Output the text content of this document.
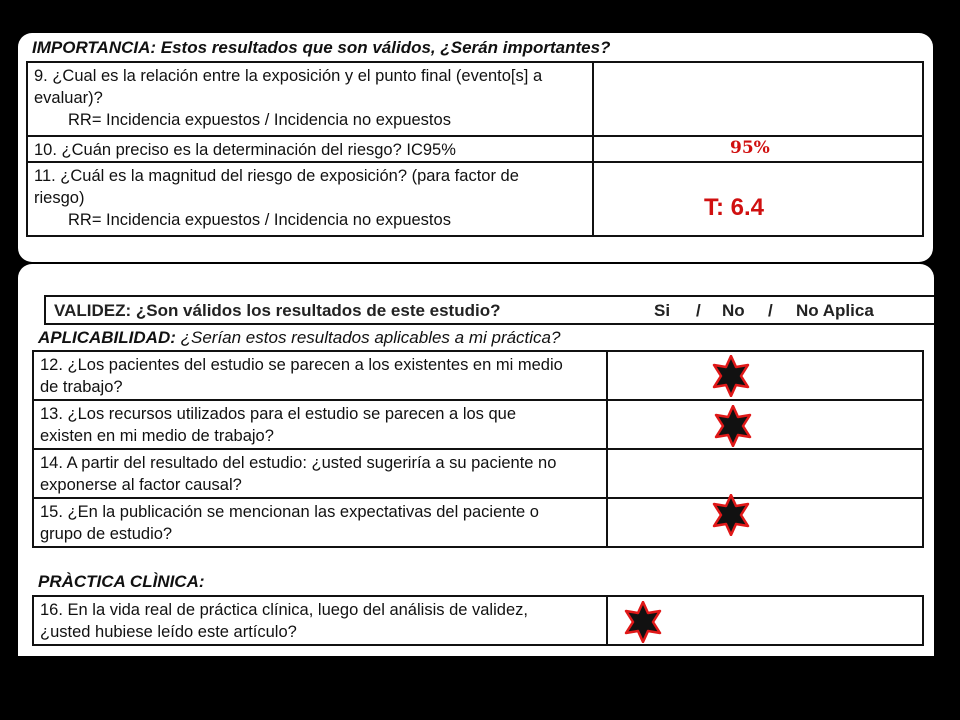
IMPORTANCIA: Estos resultados que son válidos, ¿Serán importantes?
9. ¿Cual es la relación entre la exposición y el punto final (evento[s] a
evaluar)?
RR= Incidencia expuestos / Incidencia no expuestos	

10. ¿Cuán preciso es la determinación del riesgo? IC95%	95%

11. ¿Cuál es la magnitud del riesgo de exposición? (para factor de
riesgo)
RR= Incidencia expuestos / Incidencia no expuestos	T: 6.4
VALIDEZ: ¿Son válidos los resultados de este estudio?	Si / No / No Aplica
APLICABILIDAD: ¿Serían estos resultados aplicables a mi práctica?
12. ¿Los pacientes del estudio se parecen a los existentes en mi medio
de trabajo?	
13. ¿Los recursos utilizados para el estudio se parecen a los que
existen en mi medio de trabajo?	
14. A partir del resultado del estudio: ¿usted sugeriría a su paciente no
exponerse al factor causal?	
15. ¿En la publicación se mencionan las expectativas del paciente o
grupo de estudio?	
PRÀCTICA CLÌNICA:
16. En la vida real de práctica clínica, luego del análisis de validez,
¿usted hubiese leído este artículo?	
